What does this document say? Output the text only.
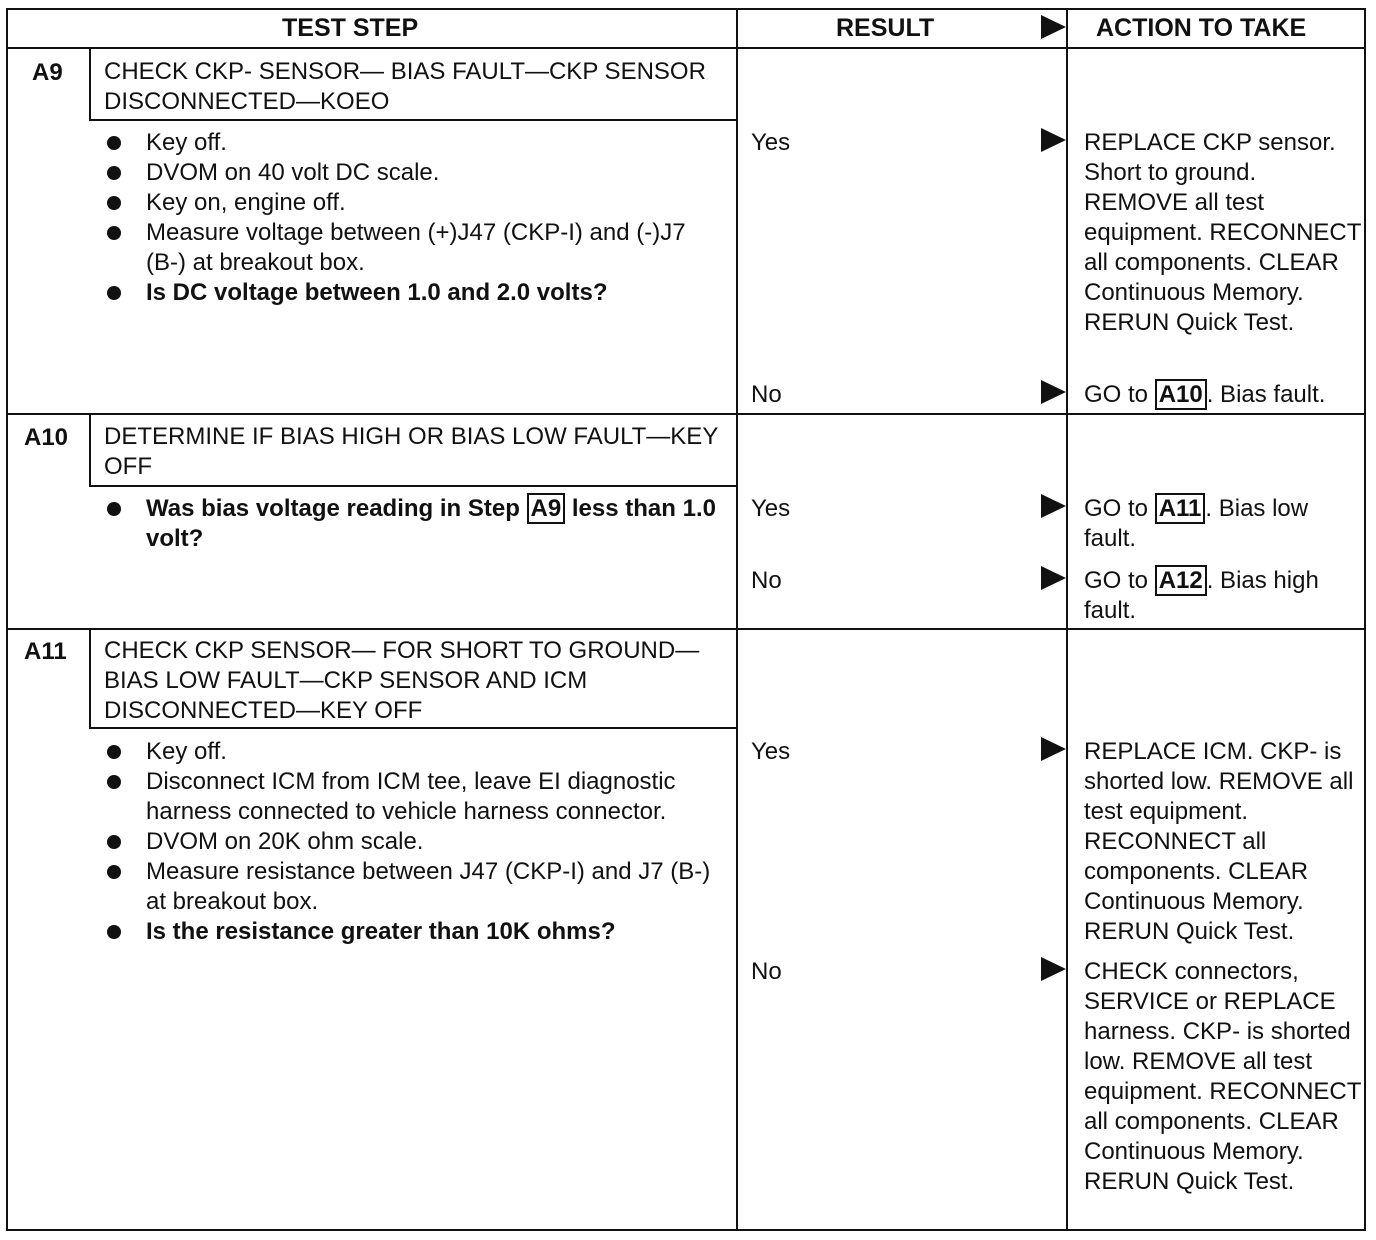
TEST STEP	RESULT	ACTION TO TAKE
A9 CHECK CKP- SENSOR— BIAS FAULT—CKP SENSOR DISCONNECTED—KOEO
Key off.
DVOM on 40 volt DC scale.
Key on, engine off.
Measure voltage between (+)J47 (CKP-I) and (-)J7 (B-) at breakout box.
Is DC voltage between 1.0 and 2.0 volts?
Yes	REPLACE CKP sensor. Short to ground. REMOVE all test equipment. RECONNECT all components. CLEAR Continuous Memory. RERUN Quick Test.
No	GO to A10 . Bias fault.
A10 DETERMINE IF BIAS HIGH OR BIAS LOW FAULT—KEY OFF
Was bias voltage reading in Step A9 less than 1.0 volt?
Yes	GO to A11 . Bias low fault.
No	GO to A12 . Bias high fault.
A11 CHECK CKP SENSOR— FOR SHORT TO GROUND—BIAS LOW FAULT—CKP SENSOR AND ICM DISCONNECTED—KEY OFF
Key off.
Disconnect ICM from ICM tee, leave EI diagnostic harness connected to vehicle harness connector.
DVOM on 20K ohm scale.
Measure resistance between J47 (CKP-I) and J7 (B-) at breakout box.
Is the resistance greater than 10K ohms?
Yes	REPLACE ICM. CKP- is shorted low. REMOVE all test equipment. RECONNECT all components. CLEAR Continuous Memory. RERUN Quick Test.
No	CHECK connectors, SERVICE or REPLACE harness. CKP- is shorted low. REMOVE all test equipment. RECONNECT all components. CLEAR Continuous Memory. RERUN Quick Test.
